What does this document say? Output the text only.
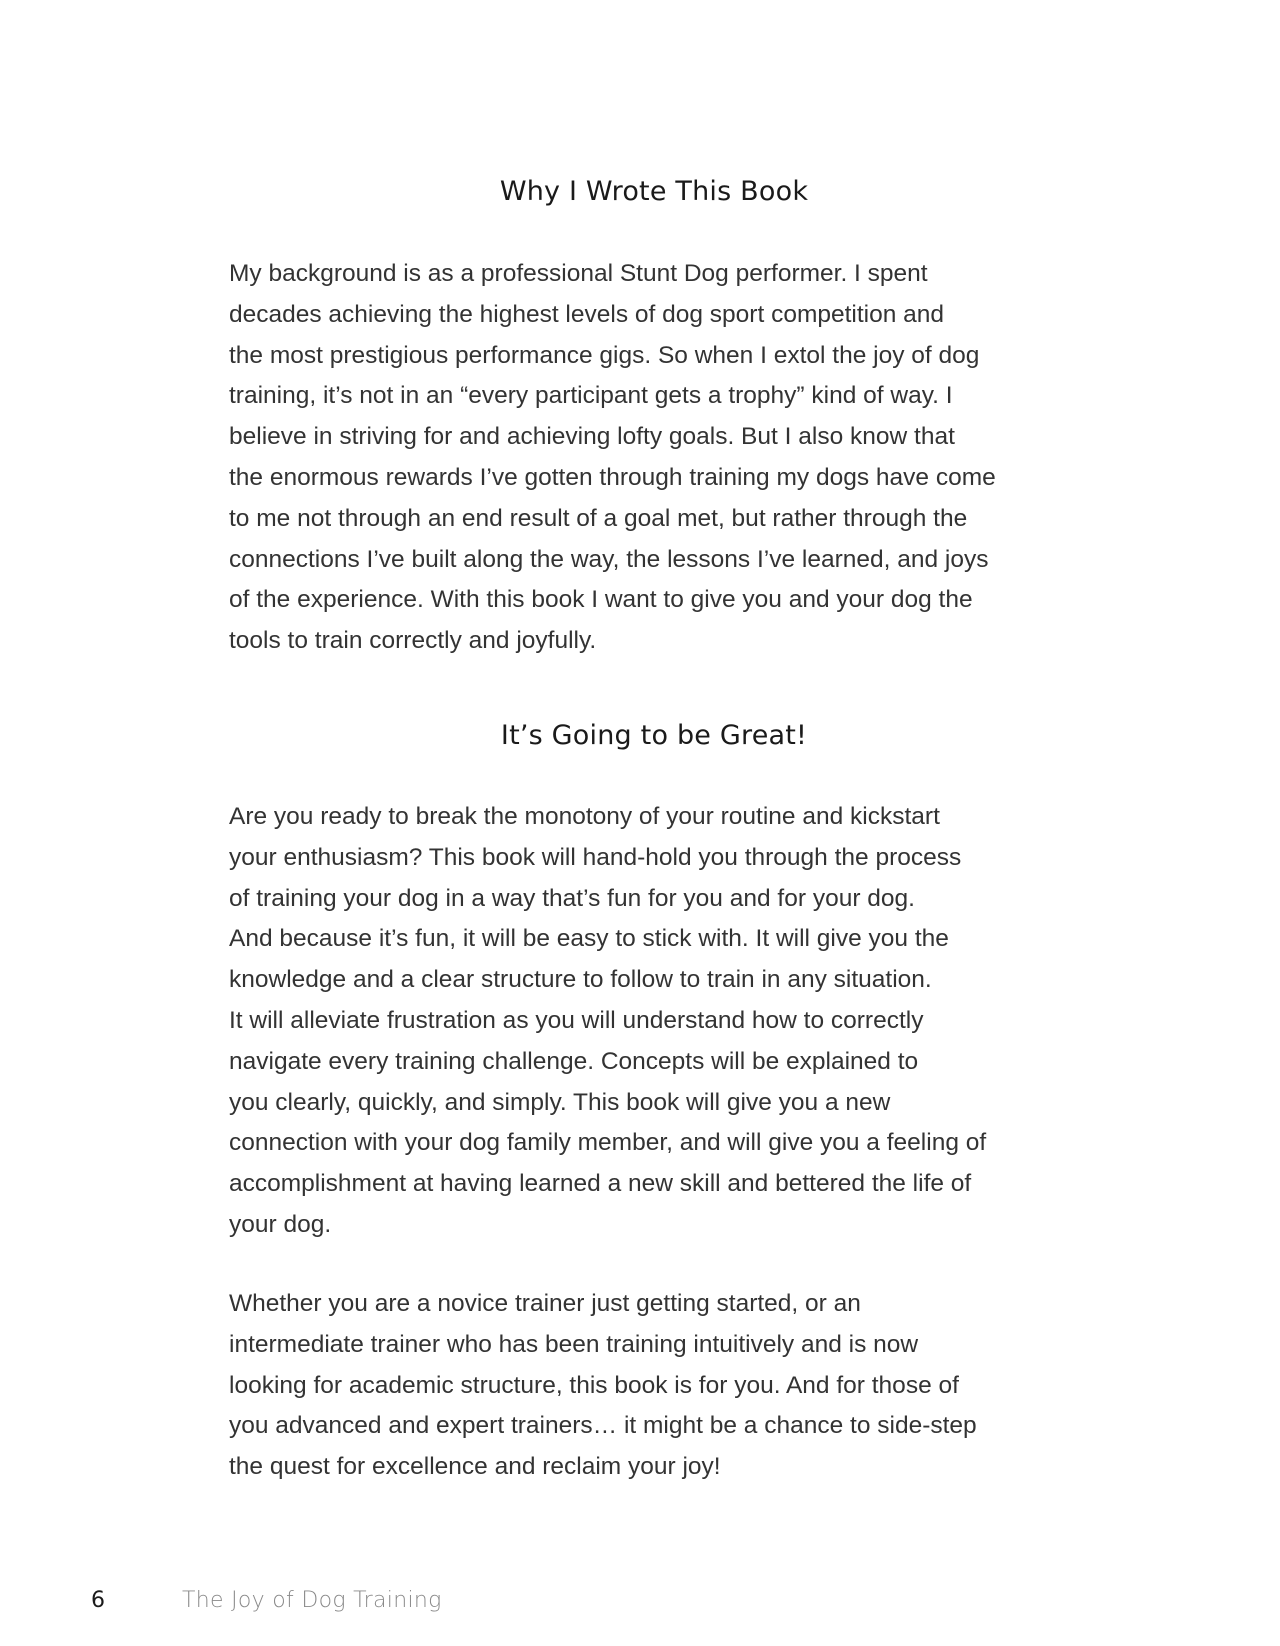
Why I Wrote This Book

My background is as a professional Stunt Dog performer. I spent
decades achieving the highest levels of dog sport competition and
the most prestigious performance gigs. So when I extol the joy of dog
training, it’s not in an “every participant gets a trophy” kind of way. I
believe in striving for and achieving lofty goals. But I also know that
the enormous rewards I’ve gotten through training my dogs have come
to me not through an end result of a goal met, but rather through the
connections I’ve built along the way, the lessons I’ve learned, and joys
of the experience. With this book I want to give you and your dog the
tools to train correctly and joyfully.

It’s Going to be Great!

Are you ready to break the monotony of your routine and kickstart
your enthusiasm? This book will hand-hold you through the process
of training your dog in a way that’s fun for you and for your dog.
And because it’s fun, it will be easy to stick with. It will give you the
knowledge and a clear structure to follow to train in any situation.
It will alleviate frustration as you will understand how to correctly
navigate every training challenge. Concepts will be explained to
you clearly, quickly, and simply. This book will give you a new
connection with your dog family member, and will give you a feeling of
accomplishment at having learned a new skill and bettered the life of
your dog.

Whether you are a novice trainer just getting started, or an
intermediate trainer who has been training intuitively and is now
looking for academic structure, this book is for you. And for those of
you advanced and expert trainers… it might be a chance to side-step
the quest for excellence and reclaim your joy!

6	The Joy of Dog Training
